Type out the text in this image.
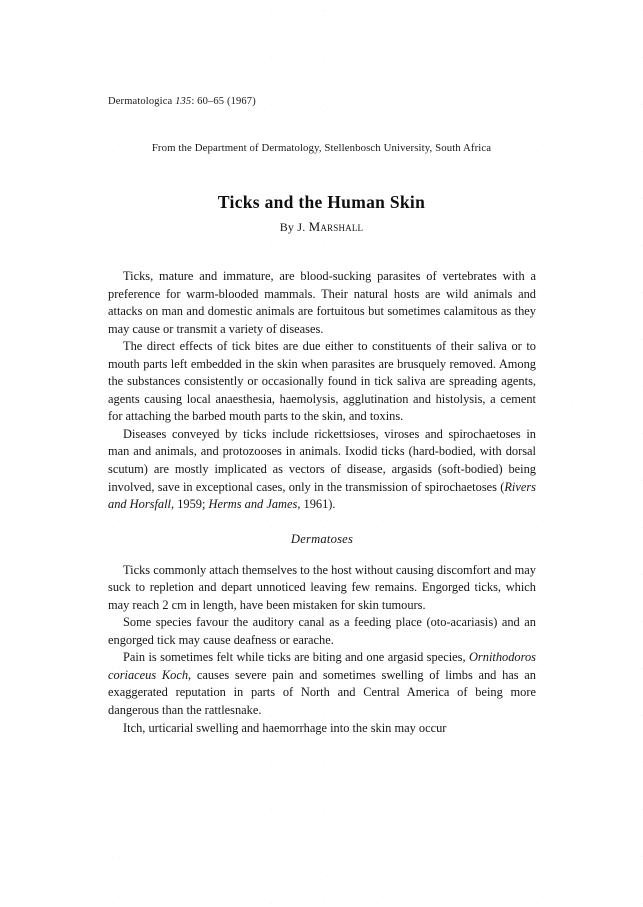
Dermatologica 135: 60–65 (1967)
From the Department of Dermatology, Stellenbosch University, South Africa
Ticks and the Human Skin
By J. Marshall

Ticks, mature and immature, are blood-sucking parasites of vertebrates with a preference for warm-blooded mammals. Their natural hosts are wild animals and attacks on man and domestic animals are fortuitous but sometimes calamitous as they may cause or transmit a variety of diseases.

The direct effects of tick bites are due either to constituents of their saliva or to mouth parts left embedded in the skin when parasites are brusquely removed. Among the substances consistently or occasionally found in tick saliva are spreading agents, agents causing local anaesthesia, haemolysis, agglutination and histolysis, a cement for attaching the barbed mouth parts to the skin, and toxins.

Diseases conveyed by ticks include rickettsioses, viroses and spirochaetoses in man and animals, and protozooses in animals. Ixodid ticks (hard-bodied, with dorsal scutum) are mostly implicated as vectors of disease, argasids (soft-bodied) being involved, save in exceptional cases, only in the transmission of spirochaetoses (Rivers and Horsfall, 1959; Herms and James, 1961).

Dermatoses

Ticks commonly attach themselves to the host without causing discomfort and may suck to repletion and depart unnoticed leaving few remains. Engorged ticks, which may reach 2 cm in length, have been mistaken for skin tumours.

Some species favour the auditory canal as a feeding place (oto-acariasis) and an engorged tick may cause deafness or earache.

Pain is sometimes felt while ticks are biting and one argasid species, Ornithodoros coriaceus Koch, causes severe pain and sometimes swelling of limbs and has an exaggerated reputation in parts of North and Central America of being more dangerous than the rattlesnake.

Itch, urticarial swelling and haemorrhage into the skin may occur
